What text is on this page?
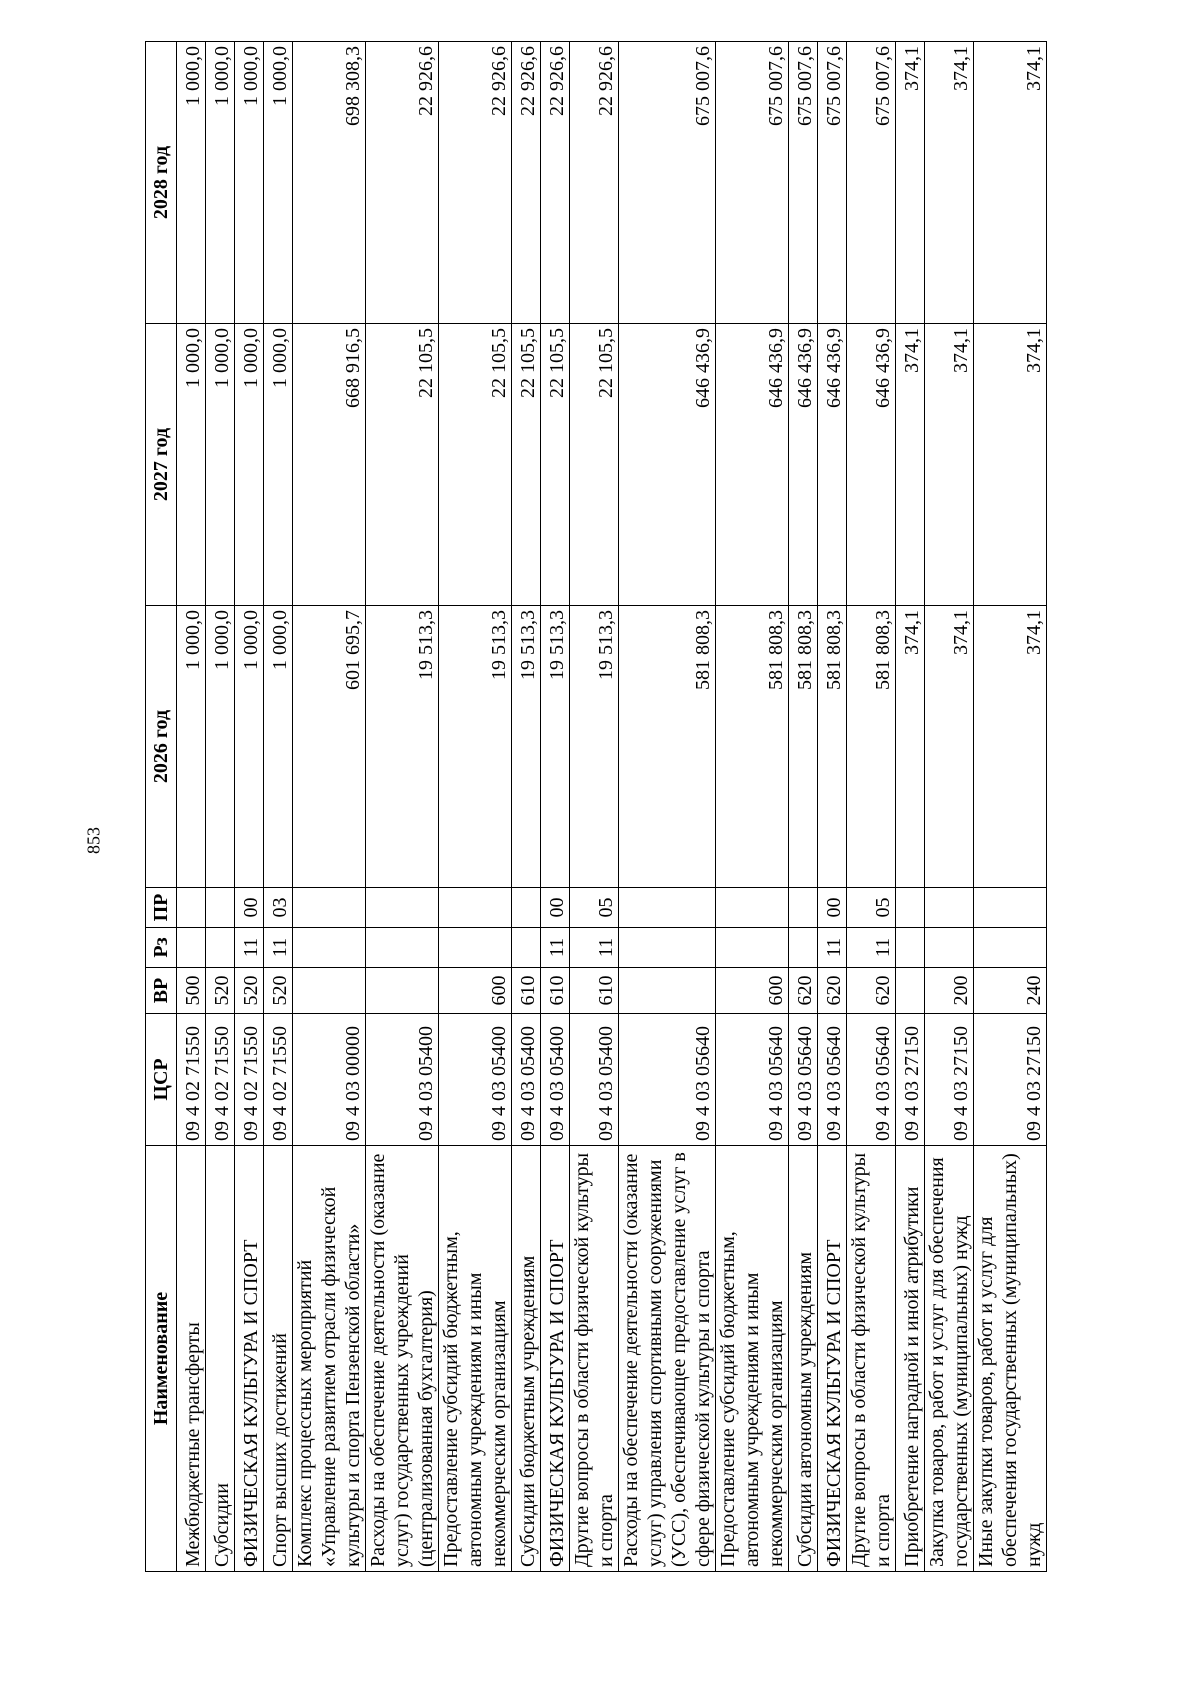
853
Наименование	ЦСР	ВР	Рз	ПР	2026 год	2027 год	2028 год
Межбюджетные трансферты	09 4 02 71550	500			1 000,0	1 000,0	1 000,0
Субсидии	09 4 02 71550	520			1 000,0	1 000,0	1 000,0
ФИЗИЧЕСКАЯ КУЛЬТУРА И СПОРТ	09 4 02 71550	520	11	00	1 000,0	1 000,0	1 000,0
Спорт высших достижений	09 4 02 71550	520	11	03	1 000,0	1 000,0	1 000,0
Комплекс процессных мероприятий «Управление развитием отрасли физической культуры и спорта Пензенской области»	09 4 03 00000				601 695,7	668 916,5	698 308,3
Расходы на обеспечение деятельности (оказание услуг) государственных учреждений (централизованная бухгалтерия)	09 4 03 05400				19 513,3	22 105,5	22 926,6
Предоставление субсидий бюджетным, автономным учреждениям и иным некоммерческим организациям	09 4 03 05400	600			19 513,3	22 105,5	22 926,6
Субсидии бюджетным учреждениям	09 4 03 05400	610			19 513,3	22 105,5	22 926,6
ФИЗИЧЕСКАЯ КУЛЬТУРА И СПОРТ	09 4 03 05400	610	11	00	19 513,3	22 105,5	22 926,6
Другие вопросы в области физической культуры и спорта	09 4 03 05400	610	11	05	19 513,3	22 105,5	22 926,6
Расходы на обеспечение деятельности (оказание услуг) управления спортивными сооружениями (УСС), обеспечивающее предоставление услуг в сфере физической культуры и спорта	09 4 03 05640				581 808,3	646 436,9	675 007,6
Предоставление субсидий бюджетным, автономным учреждениям и иным некоммерческим организациям	09 4 03 05640	600			581 808,3	646 436,9	675 007,6
Субсидии автономным учреждениям	09 4 03 05640	620			581 808,3	646 436,9	675 007,6
ФИЗИЧЕСКАЯ КУЛЬТУРА И СПОРТ	09 4 03 05640	620	11	00	581 808,3	646 436,9	675 007,6
Другие вопросы в области физической культуры и спорта	09 4 03 05640	620	11	05	581 808,3	646 436,9	675 007,6
Приобретение наградной и иной атрибутики	09 4 03 27150				374,1	374,1	374,1
Закупка товаров, работ и услуг для обеспечения государственных (муниципальных) нужд	09 4 03 27150	200			374,1	374,1	374,1
Иные закупки товаров, работ и услуг для обеспечения государственных (муниципальных) нужд	09 4 03 27150	240			374,1	374,1	374,1
